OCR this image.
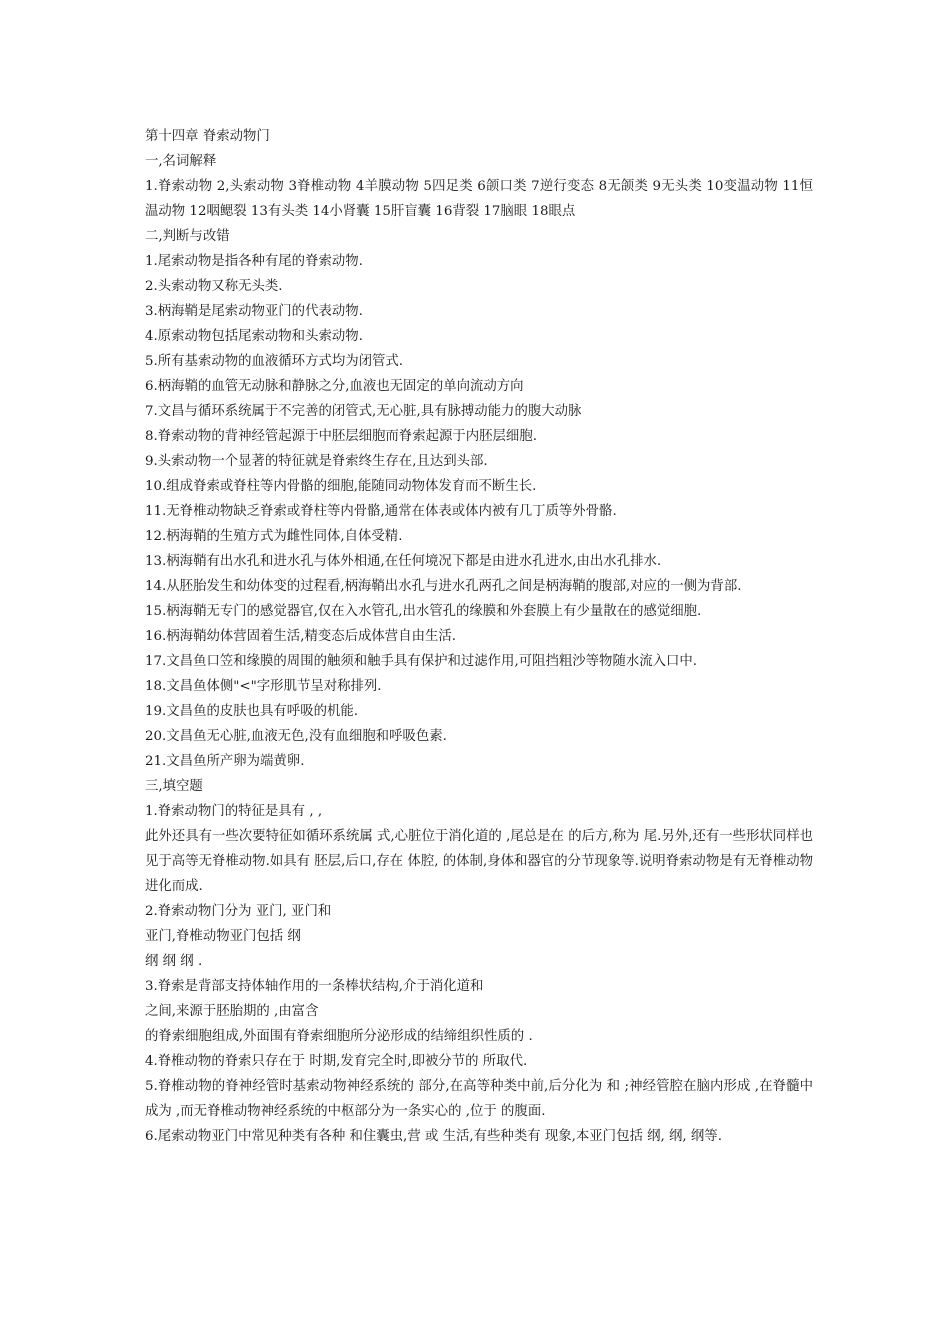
第十四章 脊索动物门

一,名词解释

1.脊索动物 2,头索动物 3脊椎动物 4羊膜动物 5四足类 6颌口类 7逆行变态 8无颌类 9无头类 10变温动物 11恒温动物 12咽鳃裂 13有头类 14小肾囊 15肝盲囊 16背裂 17脑眼 18眼点

二,判断与改错

1.尾索动物是指各种有尾的脊索动物.

2.头索动物又称无头类.

3.柄海鞘是尾索动物亚门的代表动物.

4.原索动物包括尾索动物和头索动物.

5.所有基索动物的血液循环方式均为闭管式.

6.柄海鞘的血管无动脉和静脉之分,血液也无固定的单向流动方向

7.文昌与循环系统属于不完善的闭管式,无心脏,具有脉搏动能力的腹大动脉

8.脊索动物的背神经管起源于中胚层细胞而脊索起源于内胚层细胞.

9.头索动物一个显著的特征就是脊索终生存在,且达到头部.

10.组成脊索或脊柱等内骨骼的细胞,能随同动物体发育而不断生长.

11.无脊椎动物缺乏脊索或脊柱等内骨骼,通常在体表或体内被有几丁质等外骨骼.

12.柄海鞘的生殖方式为雌性同体,自体受精.

13.柄海鞘有出水孔和进水孔与体外相通,在任何境况下都是由进水孔进水,由出水孔排水.

14.从胚胎发生和幼体变的过程看,柄海鞘出水孔与进水孔两孔之间是柄海鞘的腹部,对应的一侧为背部.

15.柄海鞘无专门的感觉器官,仅在入水管孔,出水管孔的缘膜和外套膜上有少量散在的感觉细胞.

16.柄海鞘幼体营固着生活,精变态后成体营自由生活.

17.文昌鱼口笠和缘膜的周围的触须和触手具有保护和过滤作用,可阻挡粗沙等物随水流入口中.

18.文昌鱼体侧"<"字形肌节呈对称排列.

19.文昌鱼的皮肤也具有呼吸的机能.

20.文昌鱼无心脏,血液无色,没有血细胞和呼吸色素.

21.文昌鱼所产卵为端黄卵.

三,填空题

1.脊索动物门的特征是具有 , ,

此外还具有一些次要特征如循环系统属 式,心脏位于消化道的 ,尾总是在 的后方,称为 尾.另外,还有一些形状同样也见于高等无脊椎动物.如具有 胚层,后口,存在 体腔, 的体制,身体和器官的分节现象等.说明脊索动物是有无脊椎动物进化而成.

2.脊索动物门分为 亚门, 亚门和

亚门,脊椎动物亚门包括 纲

纲 纲 纲 .

3.脊索是背部支持体轴作用的一条棒状结构,介于消化道和

之间,来源于胚胎期的 ,由富含

的脊索细胞组成,外面围有脊索细胞所分泌形成的结缔组织性质的 .

4.脊椎动物的脊索只存在于 时期,发育完全时,即被分节的 所取代.

5.脊椎动物的脊神经管时基索动物神经系统的 部分,在高等种类中前,后分化为 和 ;神经管腔在脑内形成 ,在脊髓中成为 ,而无脊椎动物神经系统的中枢部分为一条实心的 ,位于 的腹面.

6.尾索动物亚门中常见种类有各种 和住囊虫,营 或 生活,有些种类有 现象,本亚门包括 纲, 纲, 纲等.
